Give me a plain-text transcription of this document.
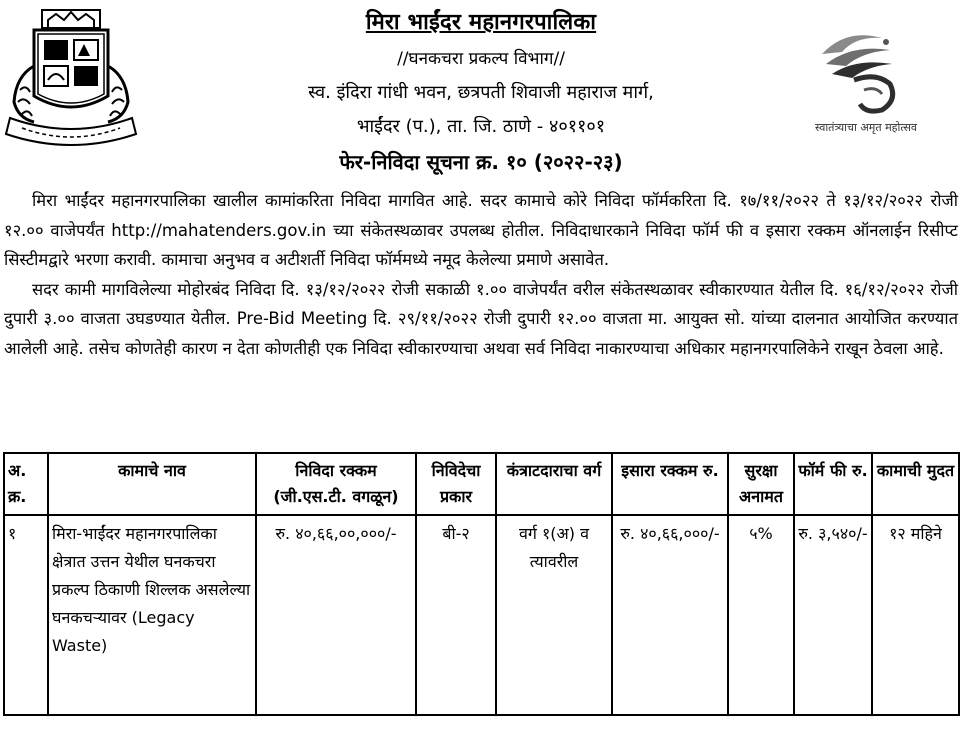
स्वातंत्र्याचा अमृत महोत्सव
मिरा भाईंदर महानगरपालिका
//घनकचरा प्रकल्प विभाग//
स्व. इंदिरा गांधी भवन, छत्रपती शिवाजी महाराज मार्ग,
भाईंदर (प.), ता. जि. ठाणे - ४०११०१
फेर-निविदा सूचना क्र. १० (२०२२-२३)

मिरा भाईंदर महानगरपालिका खालील कामांकरिता निविदा मागवित आहे. सदर कामाचे कोरे निविदा फॉर्मकरिता दि. १७/११/२०२२ ते १३/१२/२०२२ रोजी १२.०० वाजेपर्यंत http://mahatenders.gov.in च्या संकेतस्थळावर उपलब्ध होतील. निविदाधारकाने निविदा फॉर्म फी व इसारा रक्कम ऑनलाईन रिसीप्ट सिस्टीमद्वारे भरणा करावी. कामाचा अनुभव व अटीशर्ती निविदा फॉर्ममध्ये नमूद केलेल्या प्रमाणे असावेत.

सदर कामी मागविलेल्या मोहोरबंद निविदा दि. १३/१२/२०२२ रोजी सकाळी १.०० वाजेपर्यंत वरील संकेतस्थळावर स्वीकारण्यात येतील दि. १६/१२/२०२२ रोजी दुपारी ३.०० वाजता उघडण्यात येतील. Pre-Bid Meeting दि. २९/११/२०२२ रोजी दुपारी १२.०० वाजता मा. आयुक्त सो. यांच्या दालनात आयोजित करण्यात आलेली आहे. तसेच कोणतेही कारण न देता कोणतीही एक निविदा स्वीकारण्याचा अथवा सर्व निविदा नाकारण्याचा अधिकार महानगरपालिकेने राखून ठेवला आहे.

अ. क्र.	कामाचे नाव	निविदा रक्कम (जी.एस.टी. वगळून)	निविदेचा प्रकार	कंत्राटदाराचा वर्ग	इसारा रक्कम रु.	सुरक्षा अनामत	फॉर्म फी रु.	कामाची मुदत
१	मिरा-भाईंदर महानगरपालिका क्षेत्रात उत्तन येथील घनकचरा प्रकल्प ठिकाणी शिल्लक असलेल्या घनकचऱ्यावर (Legacy Waste)	रु. ४०,६६,००,०००/-	बी-२	वर्ग १(अ) व त्यावरील	रु. ४०,६६,०००/-	५%	रु. ३,५४०/-	१२ महिने
